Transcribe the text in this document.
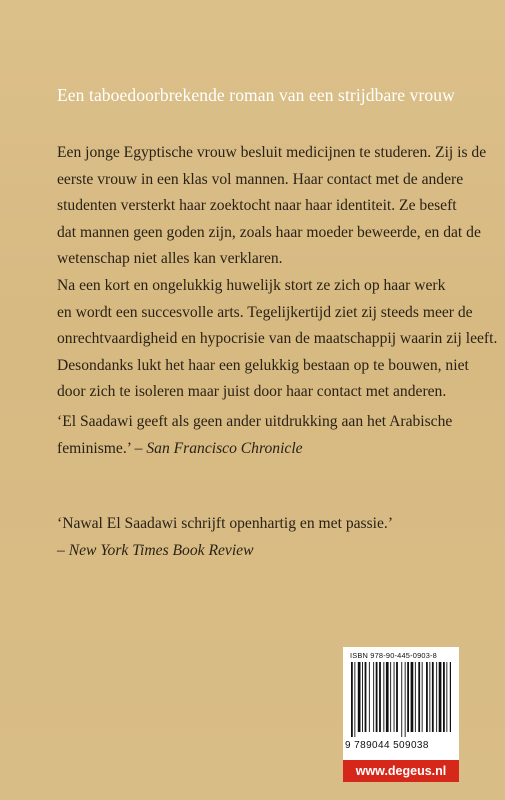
Een taboedoorbrekende roman van een strijdbare vrouw

Een jonge Egyptische vrouw besluit medicijnen te studeren. Zij is de

eerste vrouw in een klas vol mannen. Haar contact met de andere

studenten versterkt haar zoektocht naar haar identiteit. Ze beseft

dat mannen geen goden zijn, zoals haar moeder beweerde, en dat de

wetenschap niet alles kan verklaren.

Na een kort en ongelukkig huwelijk stort ze zich op haar werk

en wordt een succesvolle arts. Tegelijkertijd ziet zij steeds meer de

onrechtvaardigheid en hypocrisie van de maatschappij waarin zij leeft.

Desondanks lukt het haar een gelukkig bestaan op te bouwen, niet

door zich te isoleren maar juist door haar contact met anderen.

‘El Saadawi geeft als geen ander uitdrukking aan het Arabische
feminisme.’ – San Francisco Chronicle
‘Nawal El Saadawi schrijft openhartig en met passie.’
– New York Times Book Review
ISBN 978-90-445-0903-8
9 789044 509038
www.degeus.nl
